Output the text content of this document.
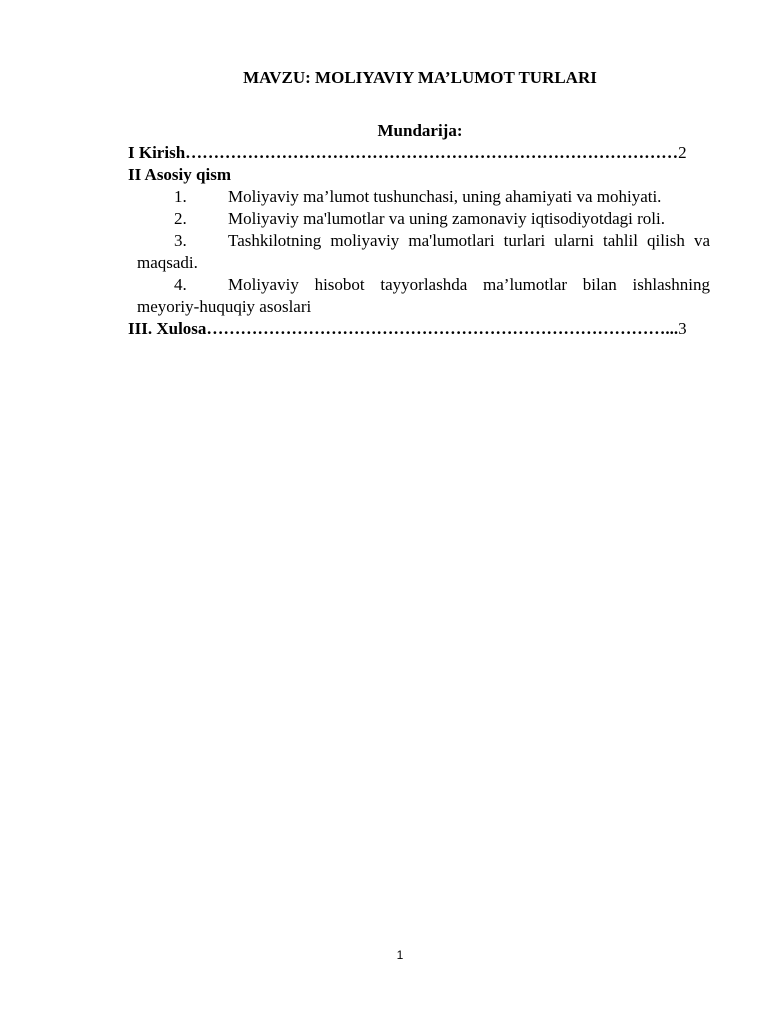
MAVZU: MOLIYAVIY MA’LUMOT TURLARI
Mundarija:
I Kirish …………………………………………………………………………… 2
II Asosiy qism
1. Moliyaviy ma’lumot tushunchasi, uning ahamiyati va mohiyati.
2. Moliyaviy ma'lumotlar va uning zamonaviy iqtisodiyotdagi roli.
3. Tashkilotning moliyaviy ma'lumotlari turlari ularni tahlil qilish va maqsadi.
4. Moliyaviy hisobot tayyorlashda ma’lumotlar bilan ishlashning meyoriy-huquqiy asoslari
III. Xulosa ………………………………………………………………………... 3
1
